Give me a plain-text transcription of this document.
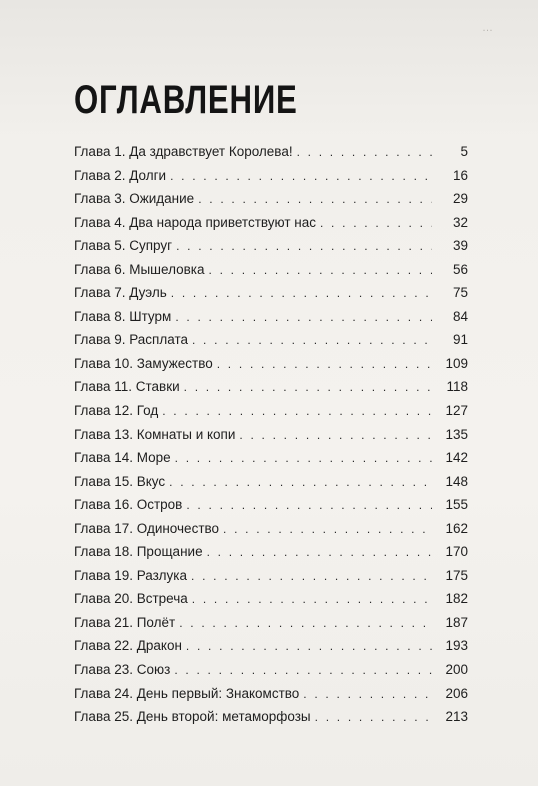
…
ОГЛАВЛЕНИЕ
Глава 1. Да здравствует Королева! . . .	5
Глава 2. Долги . . .	16
Глава 3. Ожидание . . .	29
Глава 4. Два народа приветствуют нас . . .	32
Глава 5. Супруг . . .	39
Глава 6. Мышеловка . . .	56
Глава 7. Дуэль . . .	75
Глава 8. Штурм . . .	84
Глава 9. Расплата . . .	91
Глава 10. Замужество . . .	109
Глава 11. Ставки . . .	118
Глава 12. Год . . .	127
Глава 13. Комнаты и копи . . .	135
Глава 14. Море . . .	142
Глава 15. Вкус . . .	148
Глава 16. Остров . . .	155
Глава 17. Одиночество . . .	162
Глава 18. Прощание . . .	170
Глава 19. Разлука . . .	175
Глава 20. Встреча . . .	182
Глава 21. Полёт . . .	187
Глава 22. Дракон . . .	193
Глава 23. Союз . . .	200
Глава 24. День первый: Знакомство . . .	206
Глава 25. День второй: метаморфозы . . .	213
